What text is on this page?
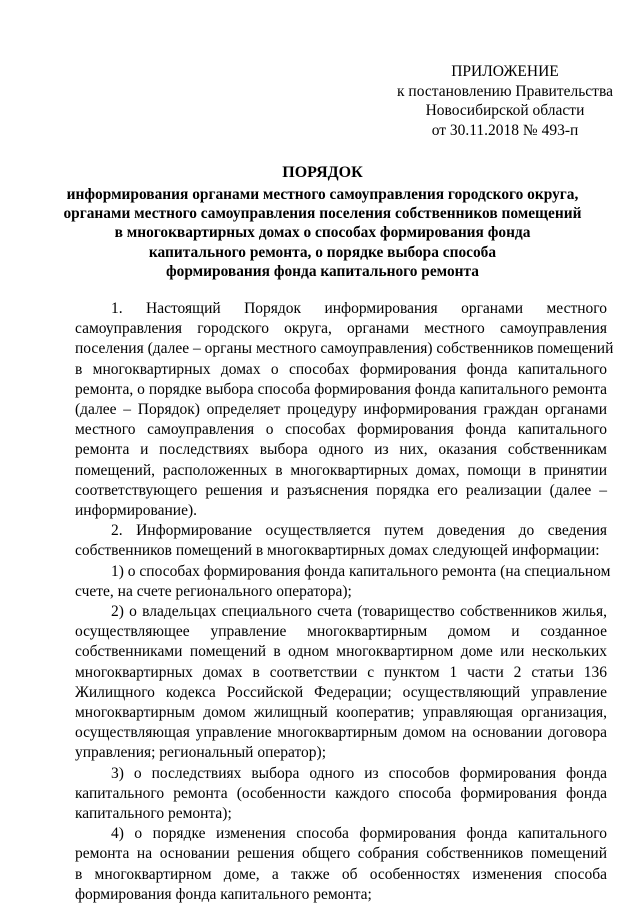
ПРИЛОЖЕНИЕ
к постановлению Правительства
Новосибирской области
от 30.11.2018 № 493-п
ПОРЯДОК
информирования органами местного самоуправления городского округа,
органами местного самоуправления поселения собственников помещений
в многоквартирных домах о способах формирования фонда
капитального ремонта, о порядке выбора способа
формирования фонда капитального ремонта
1. Настоящий Порядок информирования органами местного
самоуправления городского округа, органами местного самоуправления
поселения (далее – органы местного самоуправления) собственников помещений
в многоквартирных домах о способах формирования фонда капитального
ремонта, о порядке выбора способа формирования фонда капитального ремонта
(далее – Порядок) определяет процедуру информирования граждан органами
местного самоуправления о способах формирования фонда капитального
ремонта и последствиях выбора одного из них, оказания собственникам
помещений, расположенных в многоквартирных домах, помощи в принятии
соответствующего решения и разъяснения порядка его реализации (далее –
информирование).
2. Информирование осуществляется путем доведения до сведения
собственников помещений в многоквартирных домах следующей информации:
1) о способах формирования фонда капитального ремонта (на специальном
счете, на счете регионального оператора);
2) о владельцах специального счета (товарищество собственников жилья,
осуществляющее управление многоквартирным домом и созданное
собственниками помещений в одном многоквартирном доме или нескольких
многоквартирных домах в соответствии с пунктом 1 части 2 статьи 136
Жилищного кодекса Российской Федерации; осуществляющий управление
многоквартирным домом жилищный кооператив; управляющая организация,
осуществляющая управление многоквартирным домом на основании договора
управления; региональный оператор);
3) о последствиях выбора одного из способов формирования фонда
капитального ремонта (особенности каждого способа формирования фонда
капитального ремонта);
4) о порядке изменения способа формирования фонда капитального
ремонта на основании решения общего собрания собственников помещений
в многоквартирном доме, а также об особенностях изменения способа
формирования фонда капитального ремонта;
